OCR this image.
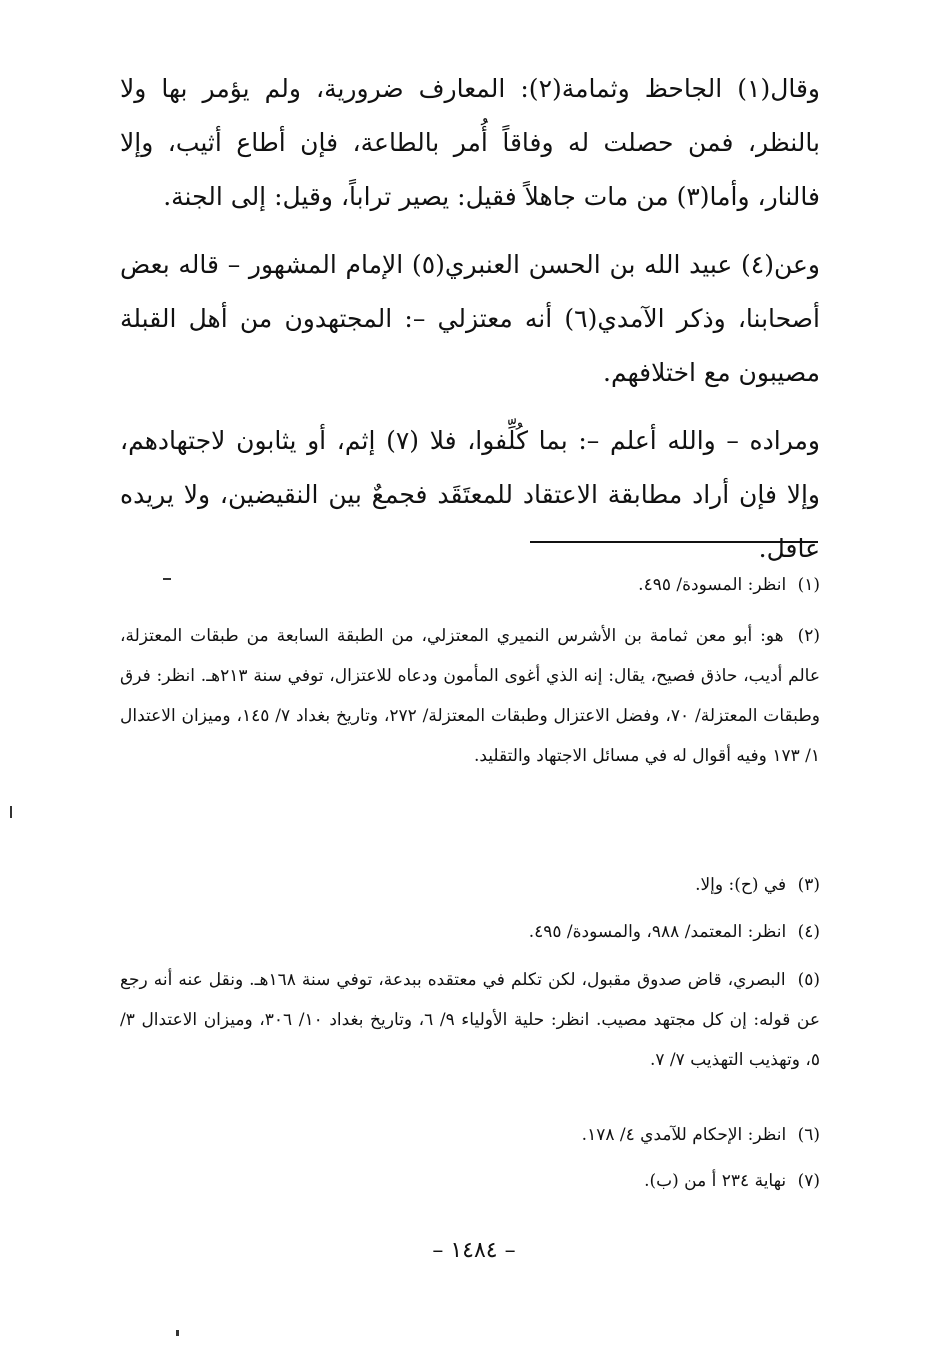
وقال(١) الجاحظ وثمامة(٢): المعارف ضرورية، ولم يؤمر بها ولا بالنظر، فمن حصلت له وفاقاً أُمر بالطاعة، فإن أطاع أثيب، وإلا فالنار، وأما(٣) من مات جاهلاً فقيل: يصير تراباً، وقيل: إلى الجنة.

وعن(٤) عبيد الله بن الحسن العنبري(٥) الإمام المشهور – قاله بعض أصحابنا، وذكر الآمدي(٦) أنه معتزلي –: المجتهدون من أهل القبلة مصيبون مع اختلافهم.

ومراده – والله أعلم –: بما كُلِّفوا، فلا (٧) إثم، أو يثابون لاجتهادهم، وإلا فإن أراد مطابقة الاعتقاد للمعتَقَد فجمعٌ بين النقيضين، ولا يريده عاقل.

(١) انظر: المسودة/ ٤٩٥.
(٢) هو: أبو معن ثمامة بن الأشرس النميري المعتزلي، من الطبقة السابعة من طبقات المعتزلة، عالم أديب، حاذق فصيح، يقال: إنه الذي أغوى المأمون ودعاه للاعتزال، توفي سنة ٢١٣هـ. انظر: فرق وطبقات المعتزلة/ ٧٠، وفضل الاعتزال وطبقات المعتزلة/ ٢٧٢، وتاريخ بغداد ٧/ ١٤٥، وميزان الاعتدال ١/ ١٧٣ وفيه أقوال له في مسائل الاجتهاد والتقليد.
(٣) في (ح): وإلا.
(٤) انظر: المعتمد/ ٩٨٨، والمسودة/ ٤٩٥.
(٥) البصري، قاض صدوق مقبول، لكن تكلم في معتقده ببدعة، توفي سنة ١٦٨هـ. ونقل عنه أنه رجع عن قوله: إن كل مجتهد مصيب. انظر: حلية الأولياء ٩/ ٦، وتاريخ بغداد ١٠/ ٣٠٦، وميزان الاعتدال ٣/ ٥، وتهذيب التهذيب ٧/ ٧.
(٦) انظر: الإحكام للآمدي ٤/ ١٧٨.
(٧) نهاية ٢٣٤ أ من (ب).
– ١٤٨٤ –
